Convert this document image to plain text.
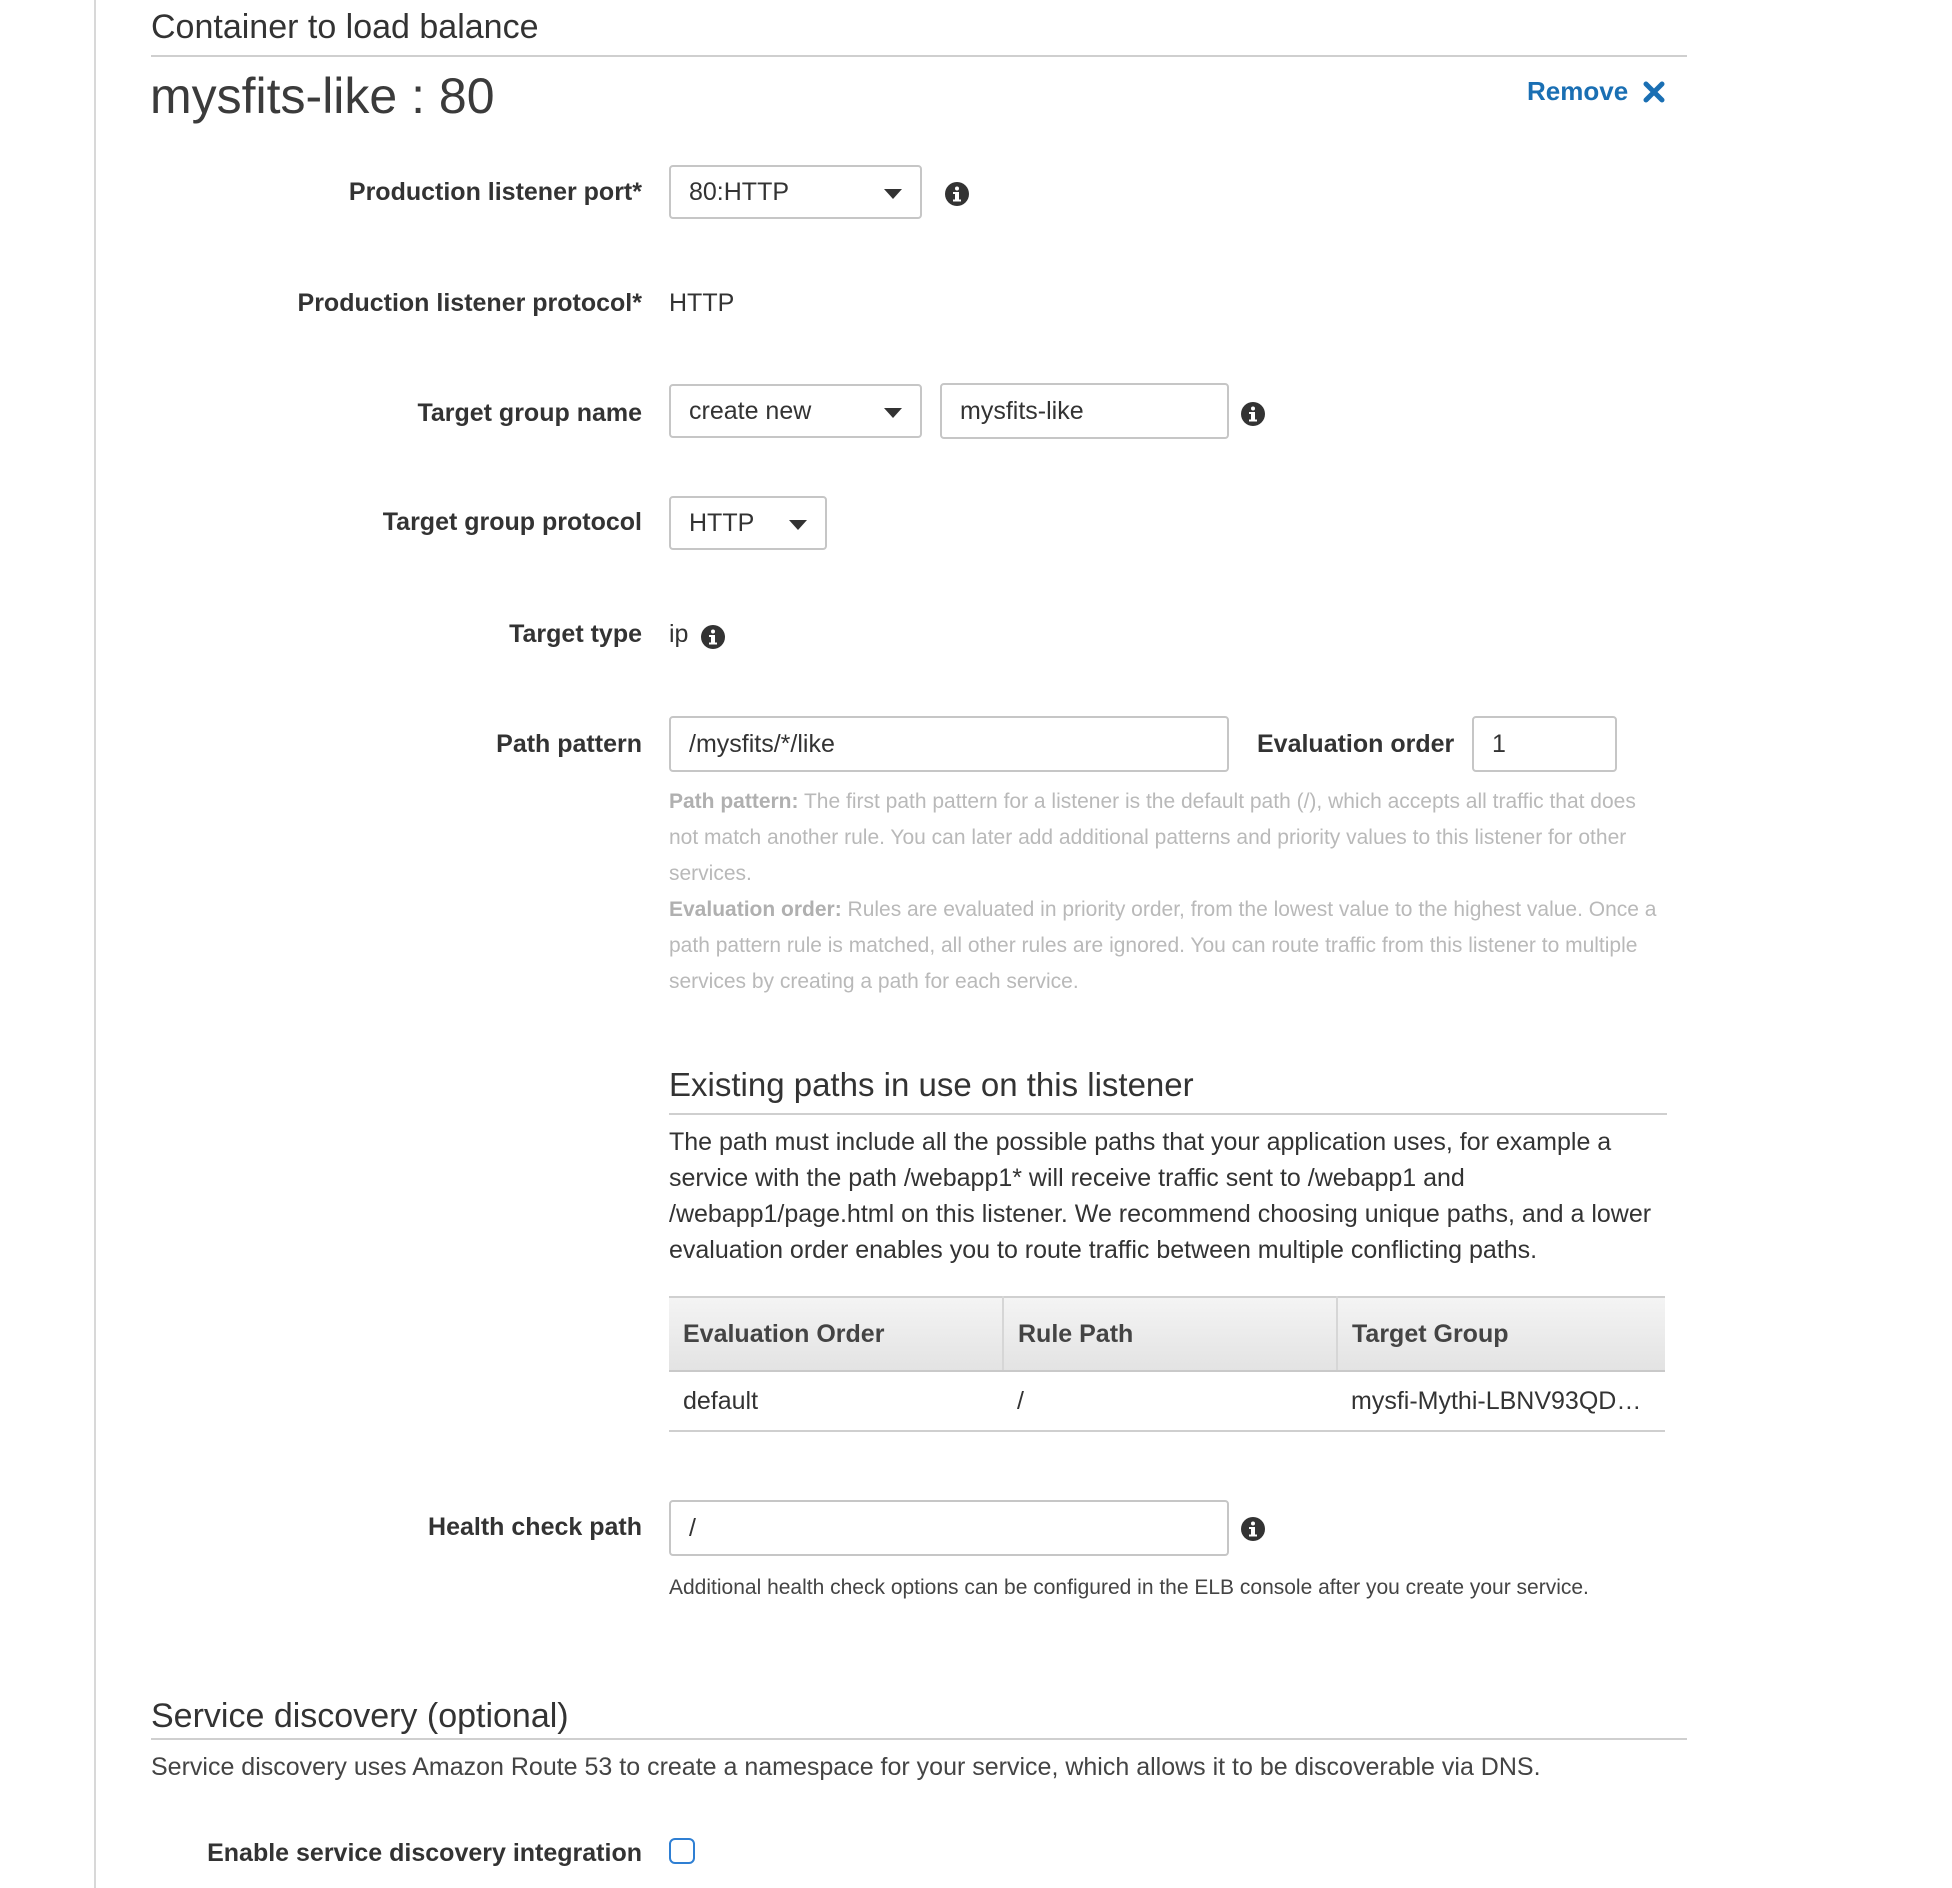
Container to load balance
mysfits-like : 80	Remove
Production listener port* 80:HTTP
Production listener protocol* HTTP
Target group name create new	mysfits-like
Target group protocol HTTP
Target type ip
Path pattern /mysfits/*/like	Evaluation order 1
Path pattern: The first path pattern for a listener is the default path (/), which accepts all traffic that does not match another rule. You can later add additional patterns and priority values to this listener for other services.
Evaluation order: Rules are evaluated in priority order, from the lowest value to the highest value. Once a path pattern rule is matched, all other rules are ignored. You can route traffic from this listener to multiple services by creating a path for each service.
Existing paths in use on this listener
The path must include all the possible paths that your application uses, for example a service with the path /webapp1* will receive traffic sent to /webapp1 and /webapp1/page.html on this listener. We recommend choosing unique paths, and a lower evaluation order enables you to route traffic between multiple conflicting paths.
Evaluation Order	Rule Path	Target Group
default	/	mysfi-Mythi-LBNV93QD…
Health check path /
Additional health check options can be configured in the ELB console after you create your service.
Service discovery (optional)
Service discovery uses Amazon Route 53 to create a namespace for your service, which allows it to be discoverable via DNS.
Enable service discovery integration
